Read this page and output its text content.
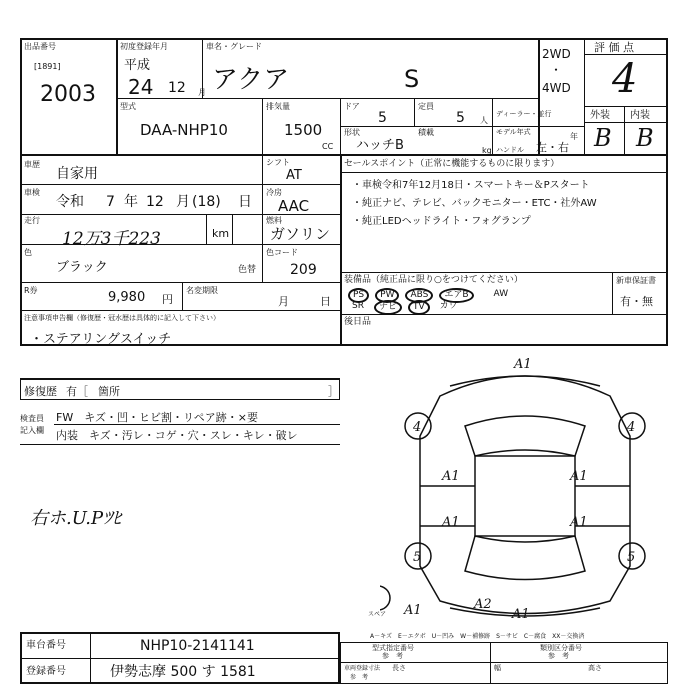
出品番号
[1891]
2003
初度登録年月
平成
24 12 月
車名・グレード
アクア	S
2WD
・
4WD
評 価 点
4
外装 内装
B B
型式
DAA-NHP10
排気量
1500
CC
ドア
5
定員
5 人
ディーラー・並行
形状
ハッチB
積載
kg
モデル年式	年
ハンドル 左・右
車歴
自家用
車検
令和 7 年 12 月 (18) 日
走行
12万3千223	km
色
ブラック	色替
シフト
AT
冷房
AAC
燃料
ガソリン
色コード
209
R券	9,980 円
名変期限
月	日
注意事項申告欄（修復歴・冠水歴は具体的に記入して下さい）
・ステアリングスイッチ
セールスポイント（正常に機能するものに限ります）
・車検令和7年12月18日・スマートキー＆Pスタート
・純正ナビ、テレビ、バックモニター・ETC・社外AW
・純正LEDヘッドライト・フォグランプ
装備品（純正品に限り○をつけてください）	新車保証書
有・無
PS	PW	ABS	エアB	AW
SR	ナビ	TV	カワ
後日品
修復歴 有［ 箇所	］
検査員
記入欄
FW　キズ・凹・ヒビ割・リペア跡・×要
内装　キズ・汚レ・コゲ・穴・スレ・キレ・破レ
右ホ.U.Pﾂﾋ
A1
A1	A1
A1	A1
A1	A1
A2
4	4
5	5
スペア
A－キズ　E－エクボ　U－凹み　W－補修跡　S－サビ　C－腐食　XX－交換済
車台番号	NHP10-2141141
登録番号	伊勢志摩 500 す 1581
型式指定番号
参　考
類別区分番号
参　考
車両登録寸法
参　考
長さ	幅	高さ
